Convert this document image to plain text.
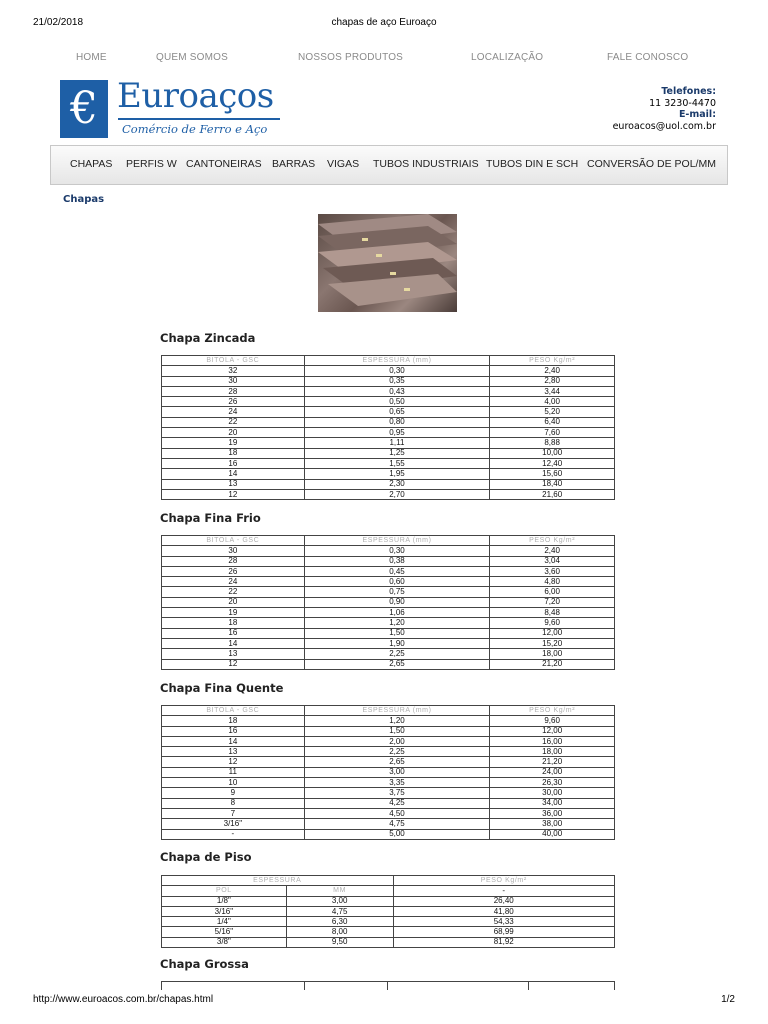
21/02/2018	chapas de aço Euroaço
HOME	QUEM SOMOS	NOSSOS PRODUTOS	LOCALIZAÇÃO	FALE CONOSCO
€ Euroaços
Comércio de Ferro e Aço
Telefones:
11 3230-4470
E-mail:
euroacos@uol.com.br
CHAPAS PERFIS W CANTONEIRAS BARRAS VIGAS TUBOS INDUSTRIAIS TUBOS DIN E SCH CONVERSÃO DE POL/MM
Chapas
Chapa Zincada
BITOLA - GSC	ESPESSURA (mm)	PESO Kg/m²
32	0,30	2,40
30	0,35	2,80
28	0,43	3,44
26	0,50	4,00
24	0,65	5,20
22	0,80	6,40
20	0,95	7,60
19	1,11	8,88
18	1,25	10,00
16	1,55	12,40
14	1,95	15,60
13	2,30	18,40
12	2,70	21,60
Chapa Fina Frio
BITOLA - GSC	ESPESSURA (mm)	PESO Kg/m²
30	0,30	2,40
28	0,38	3,04
26	0,45	3,60
24	0,60	4,80
22	0,75	6,00
20	0,90	7,20
19	1,06	8,48
18	1,20	9,60
16	1,50	12,00
14	1,90	15,20
13	2,25	18,00
12	2,65	21,20
Chapa Fina Quente
BITOLA - GSC	ESPESSURA (mm)	PESO Kg/m²
18	1,20	9,60
16	1,50	12,00
14	2,00	16,00
13	2,25	18,00
12	2,65	21,20
11	3,00	24,00
10	3,35	26,30
9	3,75	30,00
8	4,25	34,00
7	4,50	36,00
3/16"	4,75	38,00
-	5,00	40,00
Chapa de Piso
ESPESSURA		PESO Kg/m²
POL	MM	-
1/8"	3,00	26,40
3/16"	4,75	41,80
1/4"	6,30	54,33
5/16"	8,00	68,99
3/8"	9,50	81,92
Chapa Grossa

http://www.euroacos.com.br/chapas.html	1/2
